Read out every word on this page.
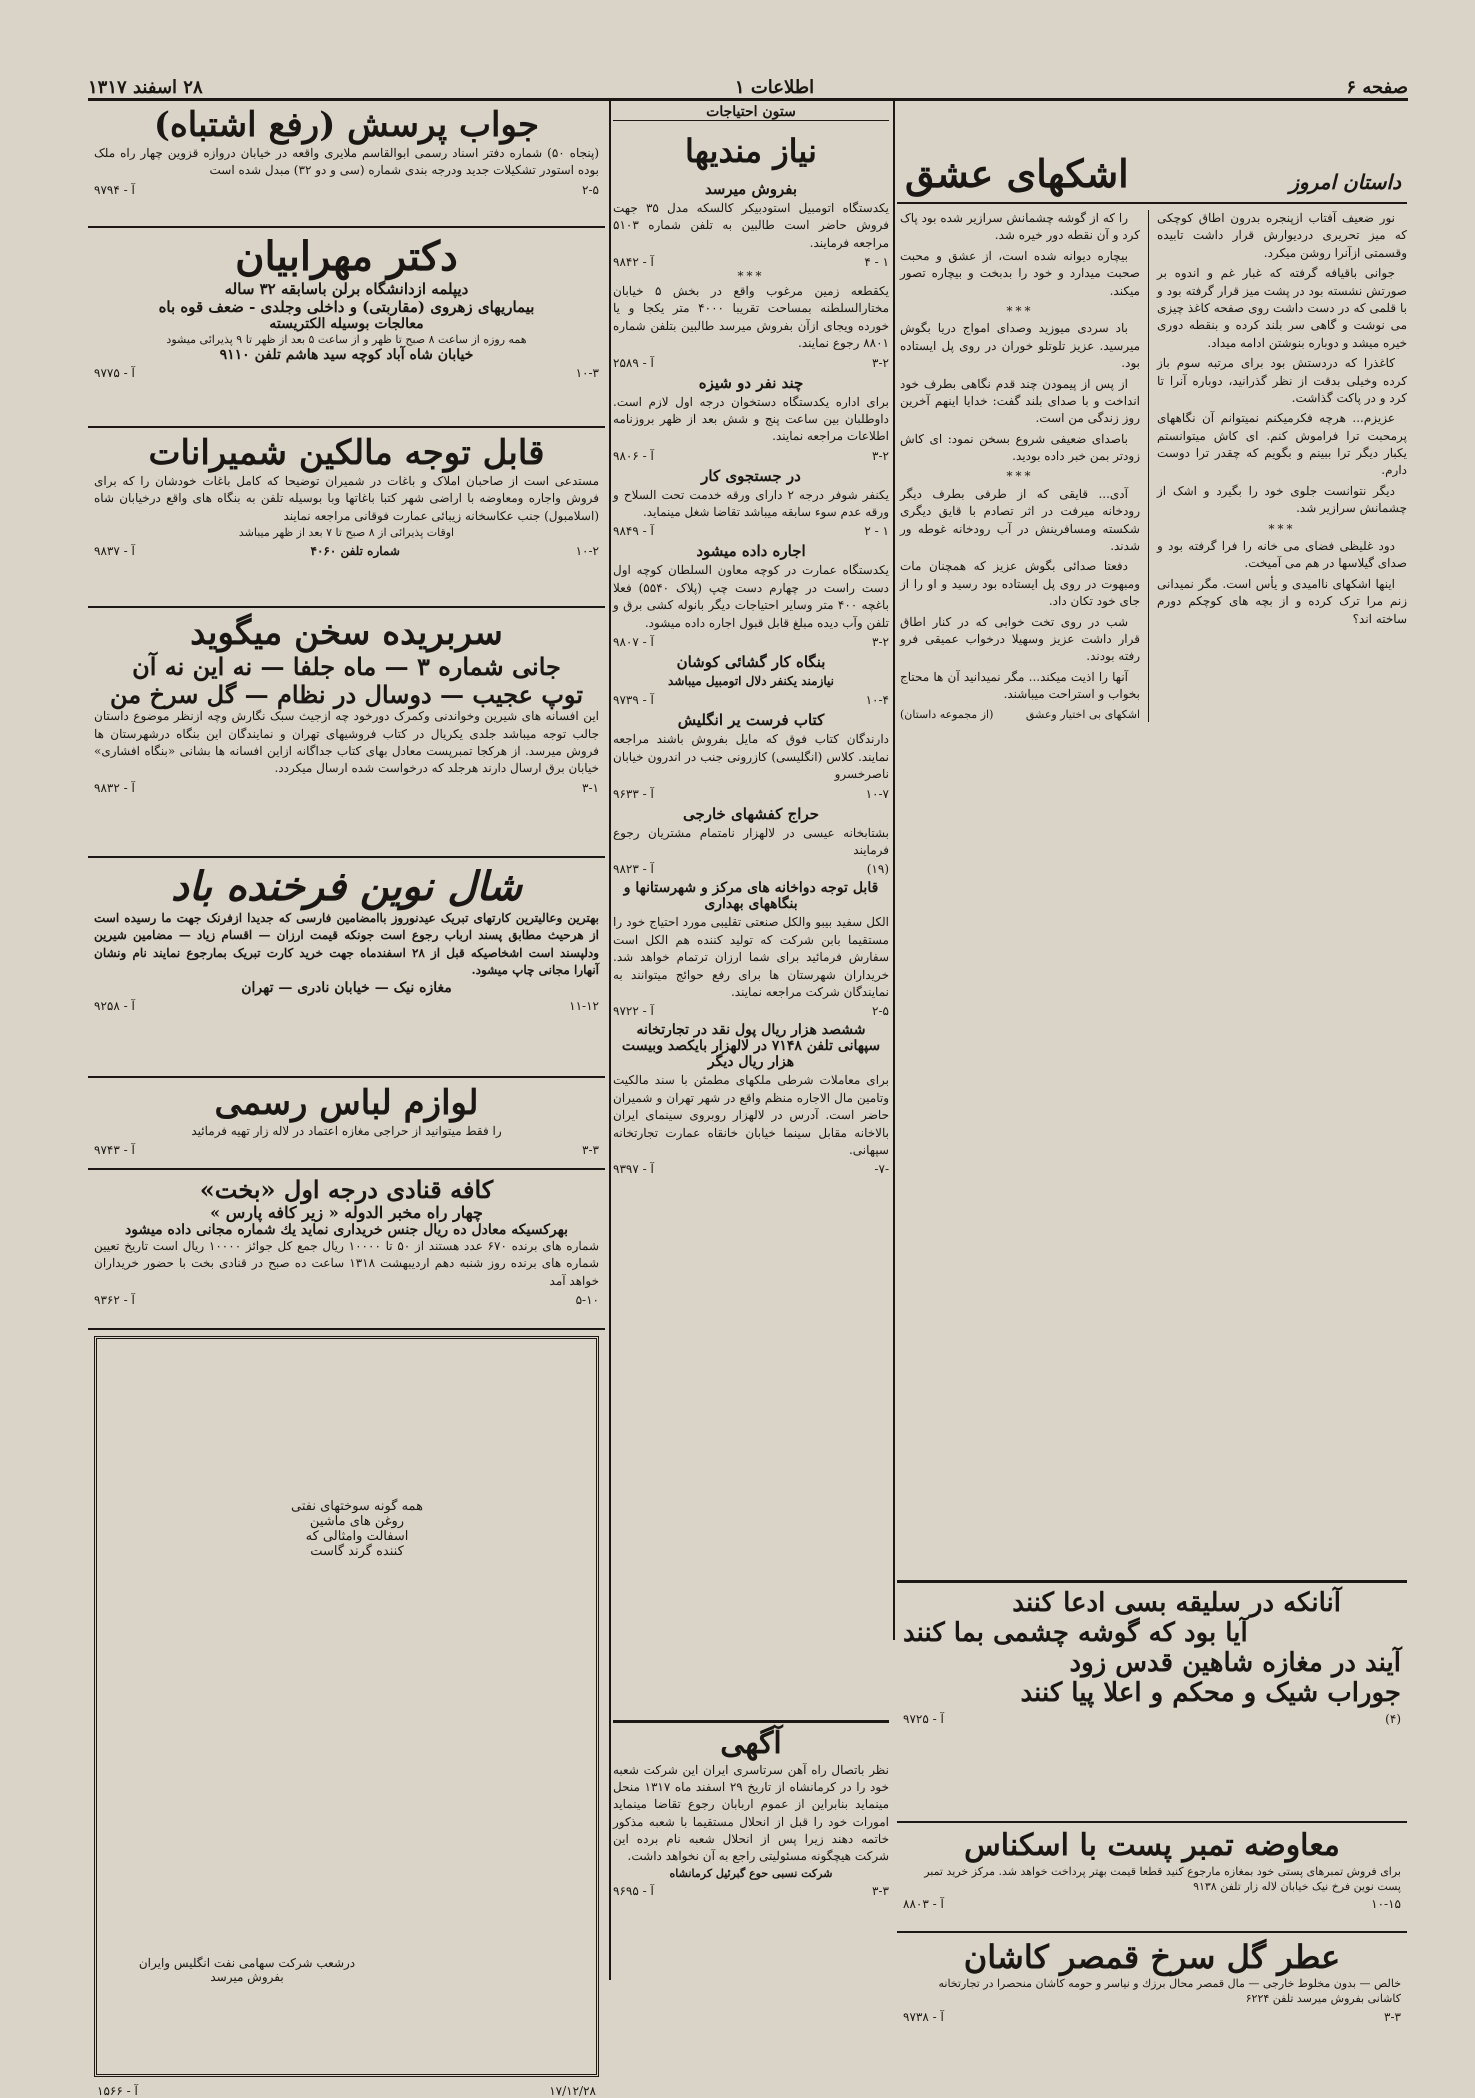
صفحه ۶
اطلاعات ۱
۲۸ اسفند ۱۳۱۷
داستان امروز
اشکهای عشق

نور ضعیف آفتاب ازپنجره بدرون اطاق کوچکی که میز تحریری دردیوارش قرار داشت تابیده وقسمتی ازآنرا روشن میکرد.

جوانی باقیافه گرفته که غبار غم و اندوه بر صورتش نشسته بود در پشت میز قرار گرفته بود و با قلمی که در دست داشت روی صفحه کاغذ چیزی می نوشت و گاهی سر بلند کرده و بنقطه دوری خیره میشد و دوباره بنوشتن ادامه میداد.

کاغذرا که دردستش بود برای مرتبه سوم باز کرده وخیلی بدقت از نظر گذرانید، دوباره آنرا تا کرد و در پاکت گذاشت.

عزیزم... هرچه فکرمیکنم نمیتوانم آن نگاههای پرمحبت ترا فراموش کنم. ای کاش میتوانستم یکبار دیگر ترا ببینم و بگویم که چقدر ترا دوست دارم.

دیگر نتوانست جلوی خود را بگیرد و اشک از چشمانش سرازیر شد.

***

دود غلیظی فضای می خانه را فرا گرفته بود و صدای گیلاسها در هم می آمیخت.

اینها اشکهای ناامیدی و یأس است. مگر نمیدانی زنم مرا ترک کرده و از بچه های کوچکم دورم ساخته اند؟

را که از گوشه چشمانش سرازیر شده بود پاک کرد و آن نقطه دور خیره شد.

بیچاره دیوانه شده است، از عشق و محبت صحبت میدارد و خود را بدبخت و بیچاره تصور میکند.

***

باد سردی میوزید وصدای امواج دریا بگوش میرسید. عزیز تلوتلو خوران در روی پل ایستاده بود.

از پس از پیمودن چند قدم نگاهی بطرف خود انداخت و با صدای بلند گفت: خدایا اینهم آخرین روز زندگی من است.

باصدای ضعیفی شروع بسخن نمود: ای کاش زودتر بمن خبر داده بودید.

***

آدی... قایقی که از طرفی بطرف دیگر رودخانه میرفت در اثر تصادم با قایق دیگری شکسته ومسافرینش در آب رودخانه غوطه ور شدند.

دفعتا صدائی بگوش عزیز که همچنان مات ومبهوت در روی پل ایستاده بود رسید و او را از جای خود تکان داد.

شب در روی تخت خوابی که در کنار اطاق قرار داشت عزیز وسهیلا درخواب عمیقی فرو رفته بودند.

آنها را اذیت میکند... مگر نمیدانید آن ها محتاج بخواب و استراحت میباشند.

اشکهای بی اختیار وعشق
(از مجموعه داستان)
آنانکه در سلیقه بسی ادعا کنند
آیا بود که گوشه چشمی بما کنند
آیند در مغازه شاهین قدس زود
جوراب شیک و محکم و اعلا پیا کنند
(۴)
آ - ۹۷۲۵
معاوضه تمبر پست با اسکناس
برای فروش تمبرهای پستی خود بمغازه مارجوع کنید قطعا قیمت بهتر پرداخت خواهد شد. مرکز خرید تمبر پست نوین فرخ نیک خیابان لاله زار تلفن ۹۱۳۸
۱۰-۱۵
آ - ۸۸۰۳
عطر گل سرخ قمصر کاشان
خالص — بدون مخلوط خارجی — مال قمصر محال برزك و نیاسر و حومه کاشان منحصرا در تجارتخانه کاشانی بفروش میرسد تلفن ۶۲۲۴
۳-۳
آ - ۹۷۳۸
ستون احتیاجات
نیاز مندیها
بفروش میرسد
یکدستگاه اتومبیل استودبیکر کالسکه مدل ۳۵ جهت فروش حاضر است طالبین به تلفن شماره ۵۱۰۳ مراجعه فرمایند.
۱ - ۴
آ - ۹۸۴۲
***
یکقطعه زمین مرغوب واقع در بخش ۵ خیابان مختارالسلطنه بمساحت تقریبا ۴۰۰۰ متر یکجا و یا خورده ویجای ازآن بفروش میرسد طالبین بتلفن شماره ۸۸۰۱ رجوع نمایند.
۳-۲
آ - ۲۵۸۹
چند نفر دو شیزه
برای اداره یکدستگاه دستخوان درجه اول لازم است. داوطلبان بین ساعت پنج و شش بعد از ظهر بروزنامه اطلاعات مراجعه نمایند.
۳-۲
آ - ۹۸۰۶
در جستجوی کار
یکنفر شوفر درجه ۲ دارای ورقه خدمت تحت السلاح و ورقه عدم سوء سابقه میباشد تقاضا شغل مینماید.
۱ - ۲
آ - ۹۸۴۹
اجاره داده میشود
یکدستگاه عمارت در کوچه معاون السلطان کوچه اول دست راست در چهارم دست چپ (پلاک ۵۵۴۰) فعلا باغچه ۴۰۰ متر وسایر احتیاجات دیگر بانوله کشی برق و تلفن وآب دیده مبلغ قابل قبول اجاره داده میشود.
۳-۲
آ - ۹۸۰۷
بنگاه کار گشائی کوشان
نیازمند یکنفر دلال اتومبیل میباشد
۱۰-۴
آ - ۹۷۳۹
کتاب فرست یر انگلیش
دارندگان کتاب فوق که مایل بفروش باشند مراجعه نمایند. کلاس (انگلیسی) کازرونی جنب در اندرون خیابان ناصرخسرو
۱۰-۷
آ - ۹۶۳۳
حراج کفشهای خارجی
بشتابخانه عیسی در لالهزار نامتمام مشتریان رجوع فرمایند
(۱۹)
آ - ۹۸۲۳
قابل توجه دواخانه های مرکز و شهرستانها و بنگاههای بهداری
الکل سفید بیبو والکل صنعتی تقلیبی مورد احتیاج خود را مستقیما بابن شرکت که تولید کننده هم الکل است سفارش فرمائید برای شما ارزان ترتمام خواهد شد. خریداران شهرستان ها برای رفع حوائج میتوانند به نمایندگان شرکت مراجعه نمایند.
۲-۵
آ - ۹۷۲۲
ششصد هزار ریال پول نقد در تجارتخانه سپهانی تلفن ۷۱۴۸ در لالهزار بایکصد وبیست هزار ریال دیگر
برای معاملات شرطی ملکهای مطمئن با سند مالکیت وتامین مال الاجاره منظم واقع در شهر تهران و شمیران حاضر است. آدرس در لالهزار روبروی سینمای ایران بالاخانه مقابل سینما خیابان خانقاه عمارت تجارتخانه سپهانی.
-۷-
آ - ۹۳۹۷
آگهی
نظر باتصال راه آهن سرتاسری ایران این شرکت شعبه خود را در کرمانشاه از تاریخ ۲۹ اسفند ماه ۱۳۱۷ منحل مینماید بنابراین از عموم اربابان رجوع تقاضا مینماید امورات خود را قبل از انحلال مستقیما با شعبه مذکور خاتمه دهند زیرا پس از انحلال شعبه نام برده این شرکت هیچگونه مسئولیتی راجع به آن نخواهد داشت.
شرکت نسبی حوع گبرئیل کرمانشاه
۳-۳
آ - ۹۶۹۵
جواب پرسش (رفع اشتباه)
(پنجاه ۵۰) شماره دفتر اسناد رسمی ابوالقاسم ملایری واقعه در خیابان دروازه قزوین چهار راه ملک بوده استودر تشکیلات جدید ودرجه بندی شماره (سی و دو ۳۲) مبدل شده است
۲-۵
آ - ۹۷۹۴
دکتر مهرابیان
دیپلمه ازدانشگاه برلن باسابقه ۳۲ ساله
بیماریهای زهروی (مقاربتی) و داخلی وجلدی - ضعف قوه باه
معالجات بوسیله الکتریسته
همه روزه از ساعت ۸ صبح تا ظهر و از ساعت ۵ بعد از ظهر تا ۹ پذیرائی میشود
خیابان شاه آباد کوچه سید هاشم تلفن ۹۱۱۰
۱۰-۳
آ - ۹۷۷۵
قابل توجه مالکین شمیرانات
مستدعی است از صاحبان املاک و باغات در شمیران توضیحا که کامل باغات خودشان را که برای فروش واجاره ومعاوضه با اراضی شهر کتبا باغاتها وبا بوسیله تلفن به بنگاه های واقع درخیابان شاه (اسلامبول) جنب عکاسخانه زیبائی عمارت فوقانی مراجعه نمایند
اوقات پذیرائی از ۸ صبح تا ۷ بعد از ظهر میباشد
۱۰-۲
شماره تلفن ۴۰۶۰
آ - ۹۸۳۷
سربریده سخن میگوید
جانی شماره ۳ — ماه جلفا — نه این نه آن
توپ عجیب — دوسال در نظام — گل سرخ من
این افسانه های شیرین وخواندنی وکمرک دورخود چه ازجیث سبک نگارش وچه ازنظر موضوع داستان جالب توجه میباشد جلدی یکریال در کتاب فروشیهای تهران و نمایندگان این بنگاه درشهرستان ها فروش میرسد. از هرکجا تمبرپست معادل بهای کتاب جداگانه ازاین افسانه ها بشانی «بنگاه افشاری» خیابان برق ارسال دارند هرجلد که درخواست شده ارسال میکردد.
۳-۱
آ - ۹۸۳۲
شال نوین فرخنده باد
بهترین وعالیترین کارتهای تبریک عیدنوروز باامضامین فارسی که جدیدا ازفرنک جهت ما رسیده است از هرحیث مطابق پسند ارباب رجوع است جونکه قیمت ارزان — اقسام زیاد — مضامین شیرین ودلپسند است اشخاصیکه قبل از ۲۸ اسفندماه جهت خرید کارت تبریک بمارجوع نمایند نام ونشان آنهارا مجانی چاپ میشود.
مغازه نیک — خیابان نادری — تهران
۱۱-۱۲
آ - ۹۲۵۸
لوازم لباس رسمی
را فقط میتوانید از حراجی مغازه اعتماد در لاله زار تهیه فرمائید
۳-۳
آ - ۹۷۴۳
کافه قنادی درجه اول «بخت»
چهار راه مخبر الدوله « زیر کافه پارس »
بهرکسیکه معادل ده ریال جنس خریداری نماید یك شماره مجانی داده میشود
شماره های برنده ۶۷۰ عدد هستند از ۵۰ تا ۱۰۰۰۰ ریال جمع کل جوائز ۱۰۰۰۰ ریال است تاریخ تعیین شماره های برنده روز شنبه دهم اردیبهشت ۱۳۱۸ ساعت ده صبح در قنادی بخت با حضور خریداران خواهد آمد
۵-۱۰
آ - ۹۳۶۲
همه گونه سوختهای نفتی
روغن های ماشین
اسفالت وامثالی که
کننده گرند گاست
درشعب شرکت سهامی نفت انگلیس وایران بفروش میرسد
۱۷/۱۲/۲۸
آ - ۱۵۶۶
